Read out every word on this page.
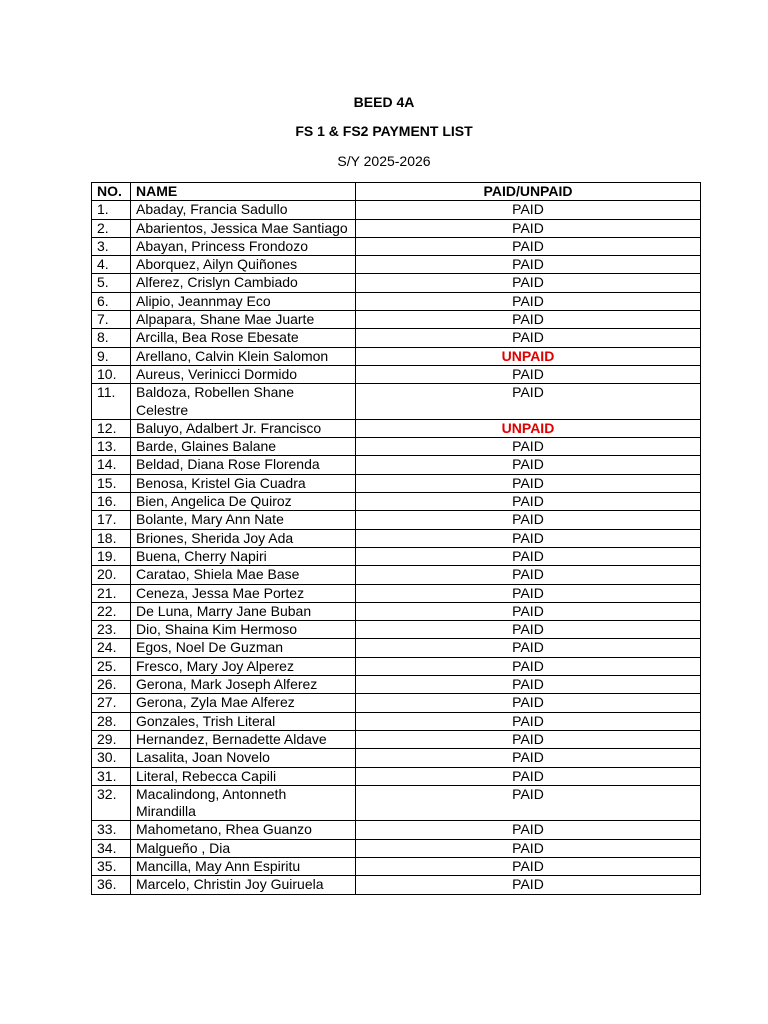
BEED 4A
FS 1 & FS2 PAYMENT LIST
S/Y 2025-2026
NO.	NAME	PAID/UNPAID
1.	Abaday, Francia Sadullo	PAID
2.	Abarientos, Jessica Mae Santiago	PAID
3.	Abayan, Princess Frondozo	PAID
4.	Aborquez, Ailyn Quiñones	PAID
5.	Alferez, Crislyn Cambiado	PAID
6.	Alipio, Jeannmay Eco	PAID
7.	Alpapara, Shane Mae Juarte	PAID
8.	Arcilla, Bea Rose Ebesate	PAID
9.	Arellano, Calvin Klein Salomon	UNPAID
10.	Aureus, Verinicci Dormido	PAID
11.	Baldoza, Robellen Shane Celestre	PAID
12.	Baluyo, Adalbert Jr. Francisco	UNPAID
13.	Barde, Glaines Balane	PAID
14.	Beldad, Diana Rose Florenda	PAID
15.	Benosa, Kristel Gia Cuadra	PAID
16.	Bien, Angelica De Quiroz	PAID
17.	Bolante, Mary Ann Nate	PAID
18.	Briones, Sherida Joy Ada	PAID
19.	Buena, Cherry Napiri	PAID
20.	Caratao, Shiela Mae Base	PAID
21.	Ceneza, Jessa Mae Portez	PAID
22.	De Luna, Marry Jane Buban	PAID
23.	Dio, Shaina Kim Hermoso	PAID
24.	Egos, Noel De Guzman	PAID
25.	Fresco, Mary Joy Alperez	PAID
26.	Gerona, Mark Joseph Alferez	PAID
27.	Gerona, Zyla Mae Alferez	PAID
28.	Gonzales, Trish Literal	PAID
29.	Hernandez, Bernadette Aldave	PAID
30.	Lasalita, Joan Novelo	PAID
31.	Literal, Rebecca Capili	PAID
32.	Macalindong, Antonneth Mirandilla	PAID
33.	Mahometano, Rhea Guanzo	PAID
34.	Malgueño , Dia	PAID
35.	Mancilla, May Ann Espiritu	PAID
36.	Marcelo, Christin Joy Guiruela	PAID
